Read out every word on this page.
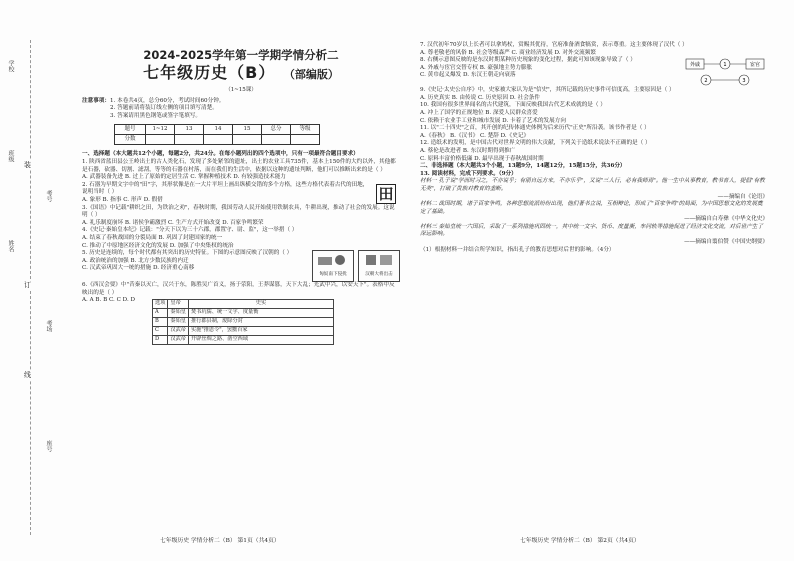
学校
班级
姓名
考号
考场
座号
装
订
线
2024-2025学年第一学期学情分析二
七年级历史（B） （部编版）
（1~15课）
注意事项： 1. 本卷共4页，总分60分，考试时间60分钟。

2. 答题前请将装订线左侧的项目填写清楚。

3. 答案请用黑色钢笔或签字笔填写。

题号	1~12	13	14	15	总分	等级
分数						

一、选择题（本大题共12个小题，每题2分，共24分。在每小题列出的四个选项中，只有一项最符合题目要求）

1. 陕西省蓝田县公王岭出土的古人类化石，发现了多处紧邻的遗址，出土的农业工具735件，基本上150件的大约以外，其他都是石器，砍器、切割、滤刮，等等的石器在村落，而在我们的生活中，依据以这种的遗址判断，他们可以推断出来的是（ ）

A. 武器装备先进 B. 过上了原始的定居生活 C. 掌握种植技术 D. 有较强造技术能力

2. 石器为早期文字中的"田"字，其形状像是在一大片平坦上画出纵横交错的多个方格，这些方格代表着古代的田地，说明当时（ ）

A. 象形 B. 指事 C. 形声 D. 假借	田

3.《国语》中记载"耕织之田，为铁治之劝"，春秋时期，我国劳动人民开始使用铁制农具，牛耕出现，推动了社会的发展。这说明（ ）

A. 礼乐制度崩坏 B. 诸侯争霸激烈 C. 生产方式开始改变 D. 百家争鸣繁荣

4.《史记·秦始皇本纪》记载："分天下以为三十六郡，郡置守、尉、监"，这一举措（ ）

A. 结束了春秋战国的分裂局面 B. 巩固了封建国家的统一

C. 推动了中原地区经济文化的发展 D. 加强了中央集权的统治

5. 历史是连续的，每个时代都有其突出的历史特征。下图的示意图反映了汉朝的（ ）

A. 政治统治的加强 B. 北方少数民族的内迁

C. 汉武帝巩固大一统的措施 D. 经济重心南移

匈奴南下侵扰	汉朝大将出击

6.《西汉会要》中"昔秦以灭亡，汉兴于东，陈胜吴广首义，扬于荥阳，王莽谋篡，天下大乱；光武中兴，以安天下"。表格中反映出的是（ ）

A. A B. B C. C D. D

选项	皇帝	史实
A	秦始皇	焚书坑儒、统一文字、度量衡
B	秦始皇	推行郡县制，废除分封
C	汉武帝	实施"推恩令"，罢黜百家
D	汉武帝	开辟丝绸之路、凿空西域

7. 汉代初年70岁以上长者可以拿鸠杖，赏赐其优待，官府准备酒食犒赏，表示尊重。这主要体现了汉代（ ）

A. 尊老敬老的风俗 B. 社会等级森严 C. 商业经济发展 D. 对外交流频繁

8. 右侧示意图反映的是东汉时期某种历史现象的变化过程，据此可知该现象导致了（ ）

A. 外戚与宦官交替专权 B. 豪强地主势力膨胀

C. 黄巾起义爆发 D. 东汉王朝走向衰落

外戚	宦官
1
2	3

9.《史记·太史公自序》中，史家被大家认为是"信史"，其所记载的历史事件可信度高，主要原因是（ ）

A. 历史真实 B. 由传说 C. 历史原因 D. 社会条件

10. 我国有很多世界闻名的古代建筑，下面反映我国古代艺术成就的是（ ）

A. 冲上了国学的正规地位 B. 深爱人民群众喜爱

C. 依赖于农业手工业和城市发展 D. 卡着了艺术的发展方向

11. 以"二十四史"之首，其开创的纪传体通史体例为后来历代"正史"所沿袭。该书作者是（ ）

A.《春秋》 B.《汉书》 C. 楚辞 D.《史记》

12. 造纸术的发明，是中国古代对世界文明的伟大贡献，下列关于造纸术说法不正确的是（ ）

A. 蔡伦是改进者 B. 东汉时期得到推广

C. 原料丰富价格低廉 D. 最早出现于春秋战国时期

二、非选择题（本大题共3个小题，13题9分，14题12分，15题15分，共36分）

13. 阅读材料，完成下列要求。（9分）

材料一 孔子说"学而时习之，不亦说乎；有朋自远方来，不亦乐乎"，又说"三人行，必有我师焉"。他一生中从事教育，教书育人，提倡"有教无类"，打破了贵族对教育的垄断。

——摘编自《论语》

材料二 战国时期，诸子百家争鸣，各种思想流派纷纷出现，他们著书立说，互相辩论，形成了"百家争鸣"的局面，为中国思想文化的发展奠定了基础。

——摘编自白寿彝《中华文化史》

材料三 秦始皇统一六国后，采取了一系列措施巩固统一，其中统一文字、货币、度量衡，车同轨等措施促进了经济文化交流，对后世产生了深远影响。

——摘编自翦伯赞《中国史纲要》

（1）根据材料一并结合所学知识，指出孔子的教育思想对后世的影响。（4分）

七年级历史 学情分析二（B） 第1页（共4页）	七年级历史 学情分析二（B） 第2页（共4页）
